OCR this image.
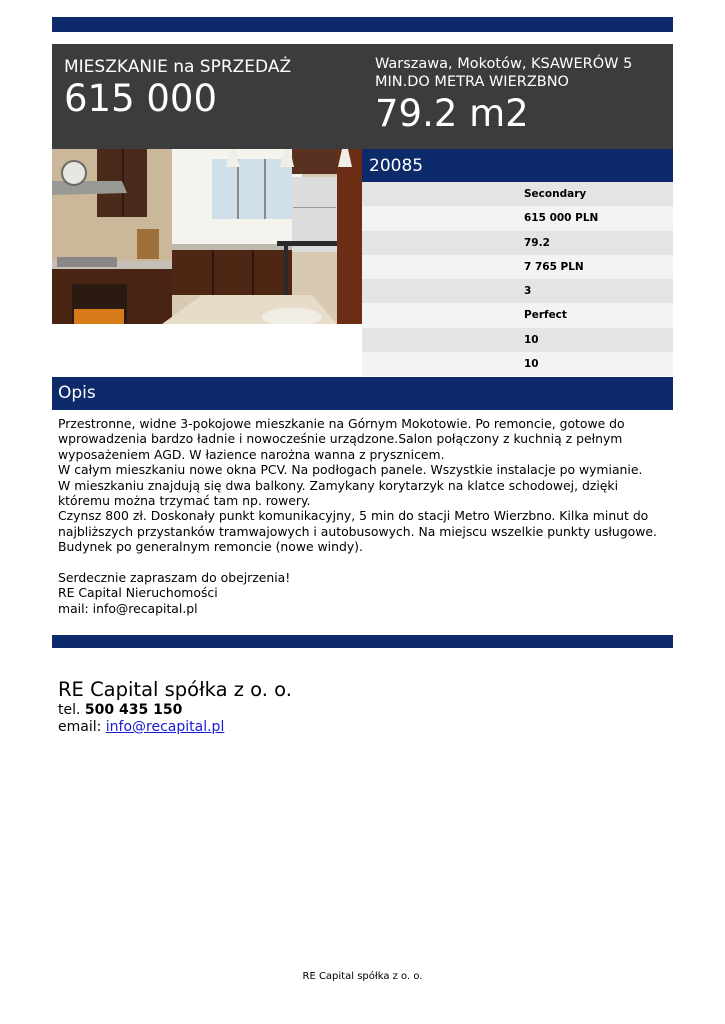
MIESZKANIE na SPRZEDAŻ
615 000
Warszawa, Mokotów, KSAWERÓW 5 MIN.DO METRA WIERZBNO
79.2 m2
20085
Secondary
615 000 PLN
79.2
7 765 PLN
3
Perfect
10
10
Opis

Przestronne, widne 3-pokojowe mieszkanie na Górnym Mokotowie. Po remoncie, gotowe do wprowadzenia bardzo ładnie i nowocześnie urządzone.Salon połączony z kuchnią z pełnym wyposażeniem AGD. W łazience narożna wanna z prysznicem.

W całym mieszkaniu nowe okna PCV. Na podłogach panele. Wszystkie instalacje po wymianie.

W mieszkaniu znajdują się dwa balkony. Zamykany korytarzyk na klatce schodowej, dzięki któremu można trzymać tam np. rowery.

Czynsz 800 zł. Doskonały punkt komunikacyjny, 5 min do stacji Metro Wierzbno. Kilka minut do najbliższych przystanków tramwajowych i autobusowych. Na miejscu wszelkie punkty usługowe. Budynek po generalnym remoncie (nowe windy).

Serdecznie zapraszam do obejrzenia!

RE Capital Nieruchomości

mail: info@recapital.pl

RE Capital spółka z o. o.
tel. 500 435 150
email: info@recapital.pl
RE Capital spółka z o. o.
